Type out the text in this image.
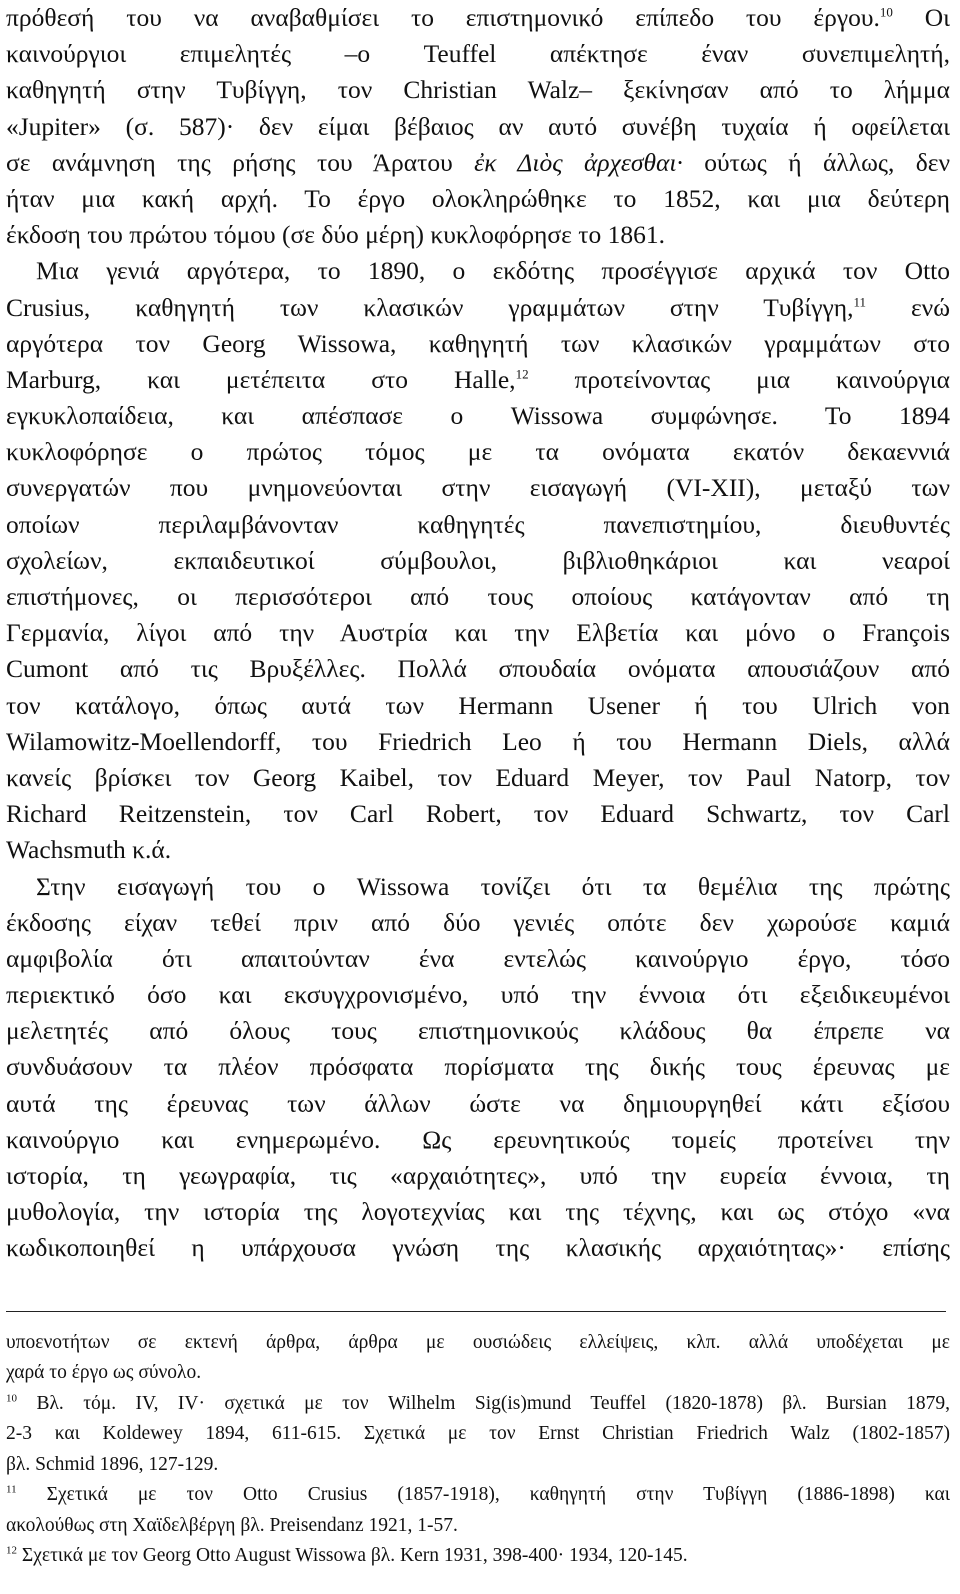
πρόθεσή του να αναβαθμίσει το επιστημονικό επίπεδο του έργου.$^{10}$ Οι
καινούργιοι επιμελητές –ο Teuffel απέκτησε έναν συνεπιμελητή,
καθηγητή στην Τυβίγγη, τον Christian Walz– ξεκίνησαν από το λήμμα
«Jupiter» (σ. 587)· δεν είμαι βέβαιος αν αυτό συνέβη τυχαία ή οφείλεται
σε ανάμνηση της ρήσης του Άρατου ἐκ Διὸς ἀρχεσθαι· ούτως ή άλλως, δεν
ήταν μια κακή αρχή. Το έργο ολοκληρώθηκε το 1852, και μια δεύτερη
έκδοση του πρώτου τόμου (σε δύο μέρη) κυκλοφόρησε το 1861.
Μια γενιά αργότερα, το 1890, ο εκδότης προσέγγισε αρχικά τον Otto
Crusius, καθηγητή των κλασικών γραμμάτων στην Τυβίγγη,$^{11}$ ενώ
αργότερα τον Georg Wissowa, καθηγητή των κλασικών γραμμάτων στο
Marburg, και μετέπειτα στο Halle,$^{12}$ προτείνοντας μια καινούργια
εγκυκλοπαίδεια, και απέσπασε ο Wissowa συμφώνησε. Το 1894
κυκλοφόρησε ο πρώτος τόμος με τα ονόματα εκατόν δεκαεννιά
συνεργατών που μνημονεύονται στην εισαγωγή (VI-XII), μεταξύ των
οποίων περιλαμβάνονταν καθηγητές πανεπιστημίου, διευθυντές
σχολείων, εκπαιδευτικοί σύμβουλοι, βιβλιοθηκάριοι και νεαροί
επιστήμονες, οι περισσότεροι από τους οποίους κατάγονταν από τη
Γερμανία, λίγοι από την Αυστρία και την Ελβετία και μόνο ο François
Cumont από τις Βρυξέλλες. Πολλά σπουδαία ονόματα απουσιάζουν από
τον κατάλογο, όπως αυτά των Hermann Usener ή του Ulrich von
Wilamowitz-Moellendorff, του Friedrich Leo ή του Hermann Diels, αλλά
κανείς βρίσκει τον Georg Kaibel, τον Eduard Meyer, τον Paul Natorp, τον
Richard Reitzenstein, τον Carl Robert, τον Eduard Schwartz, τον Carl
Wachsmuth κ.ά.
Στην εισαγωγή του ο Wissowa τονίζει ότι τα θεμέλια της πρώτης
έκδοσης είχαν τεθεί πριν από δύο γενιές οπότε δεν χωρούσε καμιά
αμφιβολία ότι απαιτούνταν ένα εντελώς καινούργιο έργο, τόσο
περιεκτικό όσο και εκσυγχρονισμένο, υπό την έννοια ότι εξειδικευμένοι
μελετητές από όλους τους επιστημονικούς κλάδους θα έπρεπε να
συνδυάσουν τα πλέον πρόσφατα πορίσματα της δικής τους έρευνας με
αυτά της έρευνας των άλλων ώστε να δημιουργηθεί κάτι εξίσου
καινούργιο και ενημερωμένο. Ως ερευνητικούς τομείς προτείνει την
ιστορία, τη γεωγραφία, τις «αρχαιότητες», υπό την ευρεία έννοια, τη
μυθολογία, την ιστορία της λογοτεχνίας και της τέχνης, και ως στόχο «να
κωδικοποιηθεί η υπάρχουσα γνώση της κλασικής αρχαιότητας»· επίσης
υποενοτήτων σε εκτενή άρθρα, άρθρα με ουσιώδεις ελλείψεις, κλπ. αλλά υποδέχεται με
χαρά το έργο ως σύνολο.
$^{10}$ Βλ. τόμ. IV, IV· σχετικά με τον Wilhelm Sig(is)mund Teuffel (1820-1878) βλ. Bursian 1879,
2-3 και Koldewey 1894, 611-615. Σχετικά με τον Ernst Christian Friedrich Walz (1802-1857)
βλ. Schmid 1896, 127-129.
$^{11}$ Σχετικά με τον Otto Crusius (1857-1918), καθηγητή στην Τυβίγγη (1886-1898) και
ακολούθως στη Χαϊδελβέργη βλ. Preisendanz 1921, 1-57.
$^{12}$ Σχετικά με τον Georg Otto August Wissowa βλ. Kern 1931, 398-400· 1934, 120-145.
